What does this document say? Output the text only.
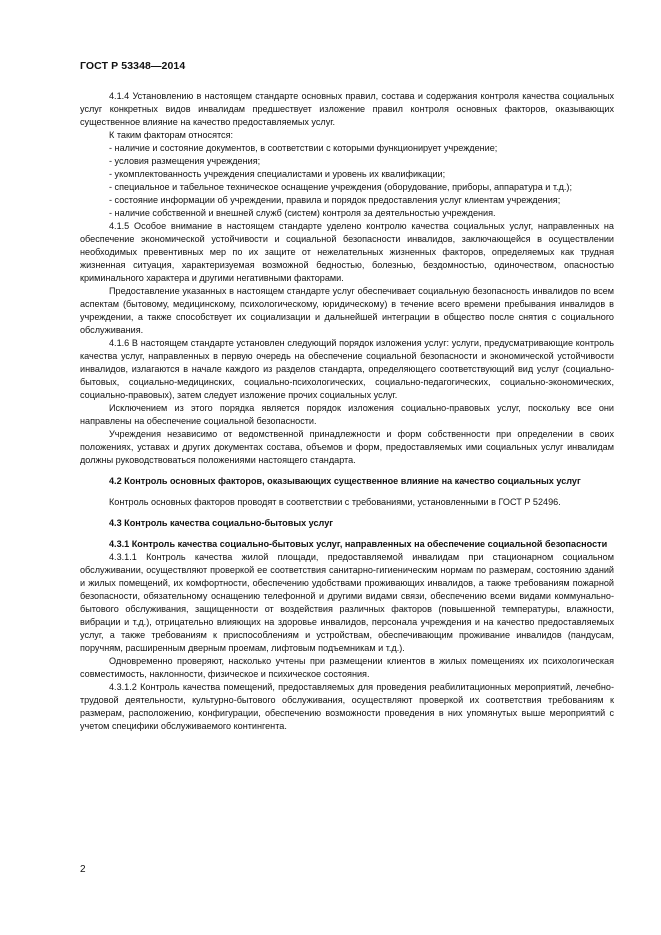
ГОСТ Р 53348—2014

4.1.4 Установлению в настоящем стандарте основных правил, состава и содержания контроля качества социальных услуг конкретных видов инвалидам предшествует изложение правил контроля основных факторов, оказывающих существенное влияние на качество предоставляемых услуг.

К таким факторам относятся:

- наличие и состояние документов, в соответствии с которыми функционирует учреждение;

- условия размещения учреждения;

- укомплектованность учреждения специалистами и уровень их квалификации;

- специальное и табельное техническое оснащение учреждения (оборудование, приборы, аппаратура и т.д.);

- состояние информации об учреждении, правила и порядок предоставления услуг клиентам учреждения;

- наличие собственной и внешней служб (систем) контроля за деятельностью учреждения.

4.1.5 Особое внимание в настоящем стандарте уделено контролю качества социальных услуг, направленных на обеспечение экономической устойчивости и социальной безопасности инвалидов, заключающейся в осуществлении необходимых превентивных мер по их защите от нежелательных жизненных факторов, определяемых как трудная жизненная ситуация, характеризуемая возможной бедностью, болезнью, бездомностью, одиночеством, опасностью криминального характера и другими негативными факторами.

Предоставление указанных в настоящем стандарте услуг обеспечивает социальную безопасность инвалидов по всем аспектам (бытовому, медицинскому, психологическому, юридическому) в течение всего времени пребывания инвалидов в учреждении, а также способствует их социализации и дальнейшей интеграции в общество после снятия с социального обслуживания.

4.1.6 В настоящем стандарте установлен следующий порядок изложения услуг: услуги, предусматривающие контроль качества услуг, направленных в первую очередь на обеспечение социальной безопасности и экономической устойчивости инвалидов, излагаются в начале каждого из разделов стандарта, определяющего соответствующий вид услуг (социально-бытовых, социально-медицинских, социально-психологических, социально-педагогических, социально-экономических, социально-правовых), затем следует изложение прочих социальных услуг.

Исключением из этого порядка является порядок изложения социально-правовых услуг, поскольку все они направлены на обеспечение социальной безопасности.

Учреждения независимо от ведомственной принадлежности и форм собственности при определении в своих положениях, уставах и других документах состава, объемов и форм, предоставляемых ими социальных услуг инвалидам должны руководствоваться положениями настоящего стандарта.

4.2 Контроль основных факторов, оказывающих существенное влияние на качество социальных услуг

Контроль основных факторов проводят в соответствии с требованиями, установленными в ГОСТ Р 52496.

4.3 Контроль качества социально-бытовых услуг
4.3.1 Контроль качества социально-бытовых услуг, направленных на обеспечение социальной безопасности

4.3.1.1 Контроль качества жилой площади, предоставляемой инвалидам при стационарном социальном обслуживании, осуществляют проверкой ее соответствия санитарно-гигиеническим нормам по размерам, состоянию зданий и жилых помещений, их комфортности, обеспечению удобствами проживающих инвалидов, а также требованиям пожарной безопасности, обязательному оснащению телефонной и другими видами связи, обеспечению всеми видами коммунально-бытового обслуживания, защищенности от воздействия различных факторов (повышенной температуры, влажности, вибрации и т.д.), отрицательно влияющих на здоровье инвалидов, персонала учреждения и на качество предоставляемых услуг, а также требованиям к приспособлениям и устройствам, обеспечивающим проживание инвалидов (пандусам, поручням, расширенным дверным проемам, лифтовым подъемникам и т.д.).

Одновременно проверяют, насколько учтены при размещении клиентов в жилых помещениях их психологическая совместимость, наклонности, физическое и психическое состояния.

4.3.1.2 Контроль качества помещений, предоставляемых для проведения реабилитационных мероприятий, лечебно-трудовой деятельности, культурно-бытового обслуживания, осуществляют проверкой их соответствия требованиям к размерам, расположению, конфигурации, обеспечению возможности проведения в них упомянутых выше мероприятий с учетом специфики обслуживаемого контингента.

2
